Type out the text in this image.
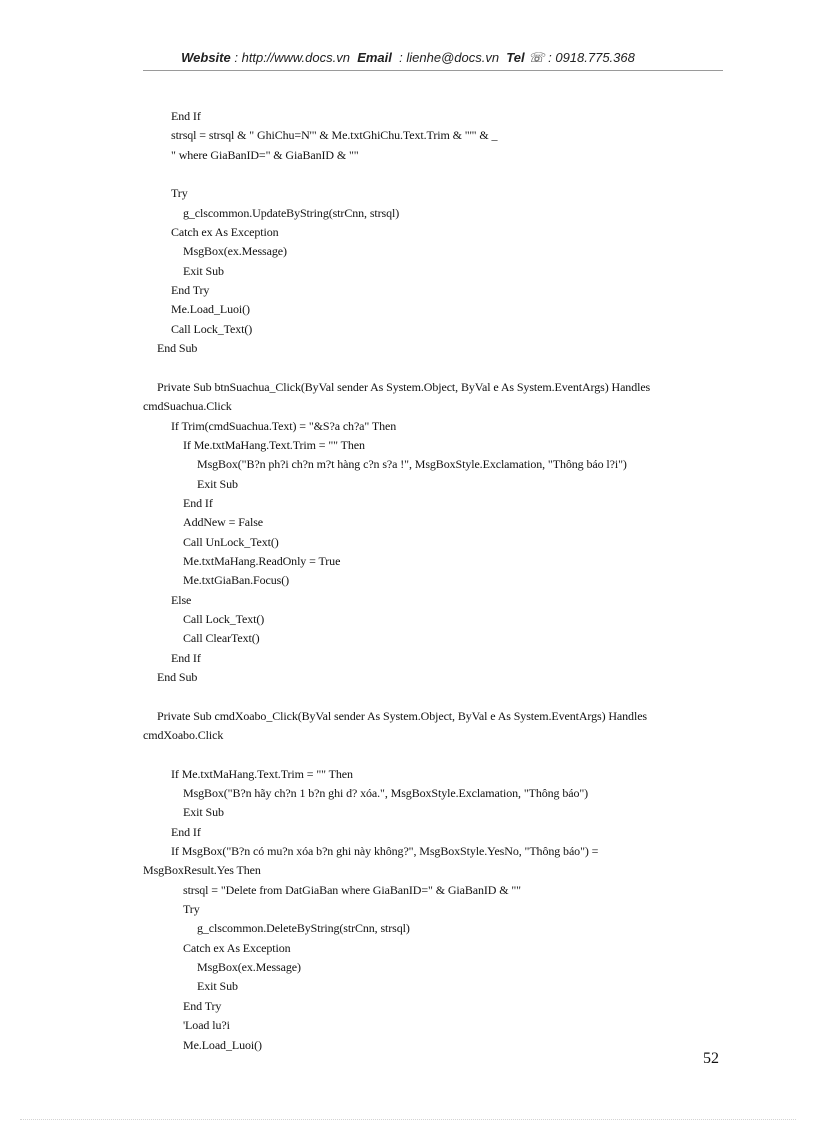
Website : http://www.docs.vn Email : lienhe@docs.vn Tel ☏ : 0918.775.368
End If
strsql = strsql & " GhiChu=N'" & Me.txtGhiChu.Text.Trim & "'" & _
" where GiaBanID=" & GiaBanID & ""
Try
g_clscommon.UpdateByString(strCnn, strsql)
Catch ex As Exception
MsgBox(ex.Message)
Exit Sub
End Try
Me.Load_Luoi()
Call Lock_Text()
End Sub
Private Sub btnSuachua_Click(ByVal sender As System.Object, ByVal e As System.EventArgs) Handles
cmdSuachua.Click
If Trim(cmdSuachua.Text) = "&S?a ch?a" Then
If Me.txtMaHang.Text.Trim = "" Then
MsgBox("B?n ph?i ch?n m?t hàng c?n s?a !", MsgBoxStyle.Exclamation, "Thông báo l?i")
Exit Sub
End If
AddNew = False
Call UnLock_Text()
Me.txtMaHang.ReadOnly = True
Me.txtGiaBan.Focus()
Else
Call Lock_Text()
Call ClearText()
End If
End Sub
Private Sub cmdXoabo_Click(ByVal sender As System.Object, ByVal e As System.EventArgs) Handles
cmdXoabo.Click
If Me.txtMaHang.Text.Trim = "" Then
MsgBox("B?n hãy ch?n 1 b?n ghi d? xóa.", MsgBoxStyle.Exclamation, "Thông báo")
Exit Sub
End If
If MsgBox("B?n có mu?n xóa b?n ghi này không?", MsgBoxStyle.YesNo, "Thông báo") =
MsgBoxResult.Yes Then
strsql = "Delete from DatGiaBan where GiaBanID=" & GiaBanID & ""
Try
g_clscommon.DeleteByString(strCnn, strsql)
Catch ex As Exception
MsgBox(ex.Message)
Exit Sub
End Try
'Load lu?i
Me.Load_Luoi()
52
